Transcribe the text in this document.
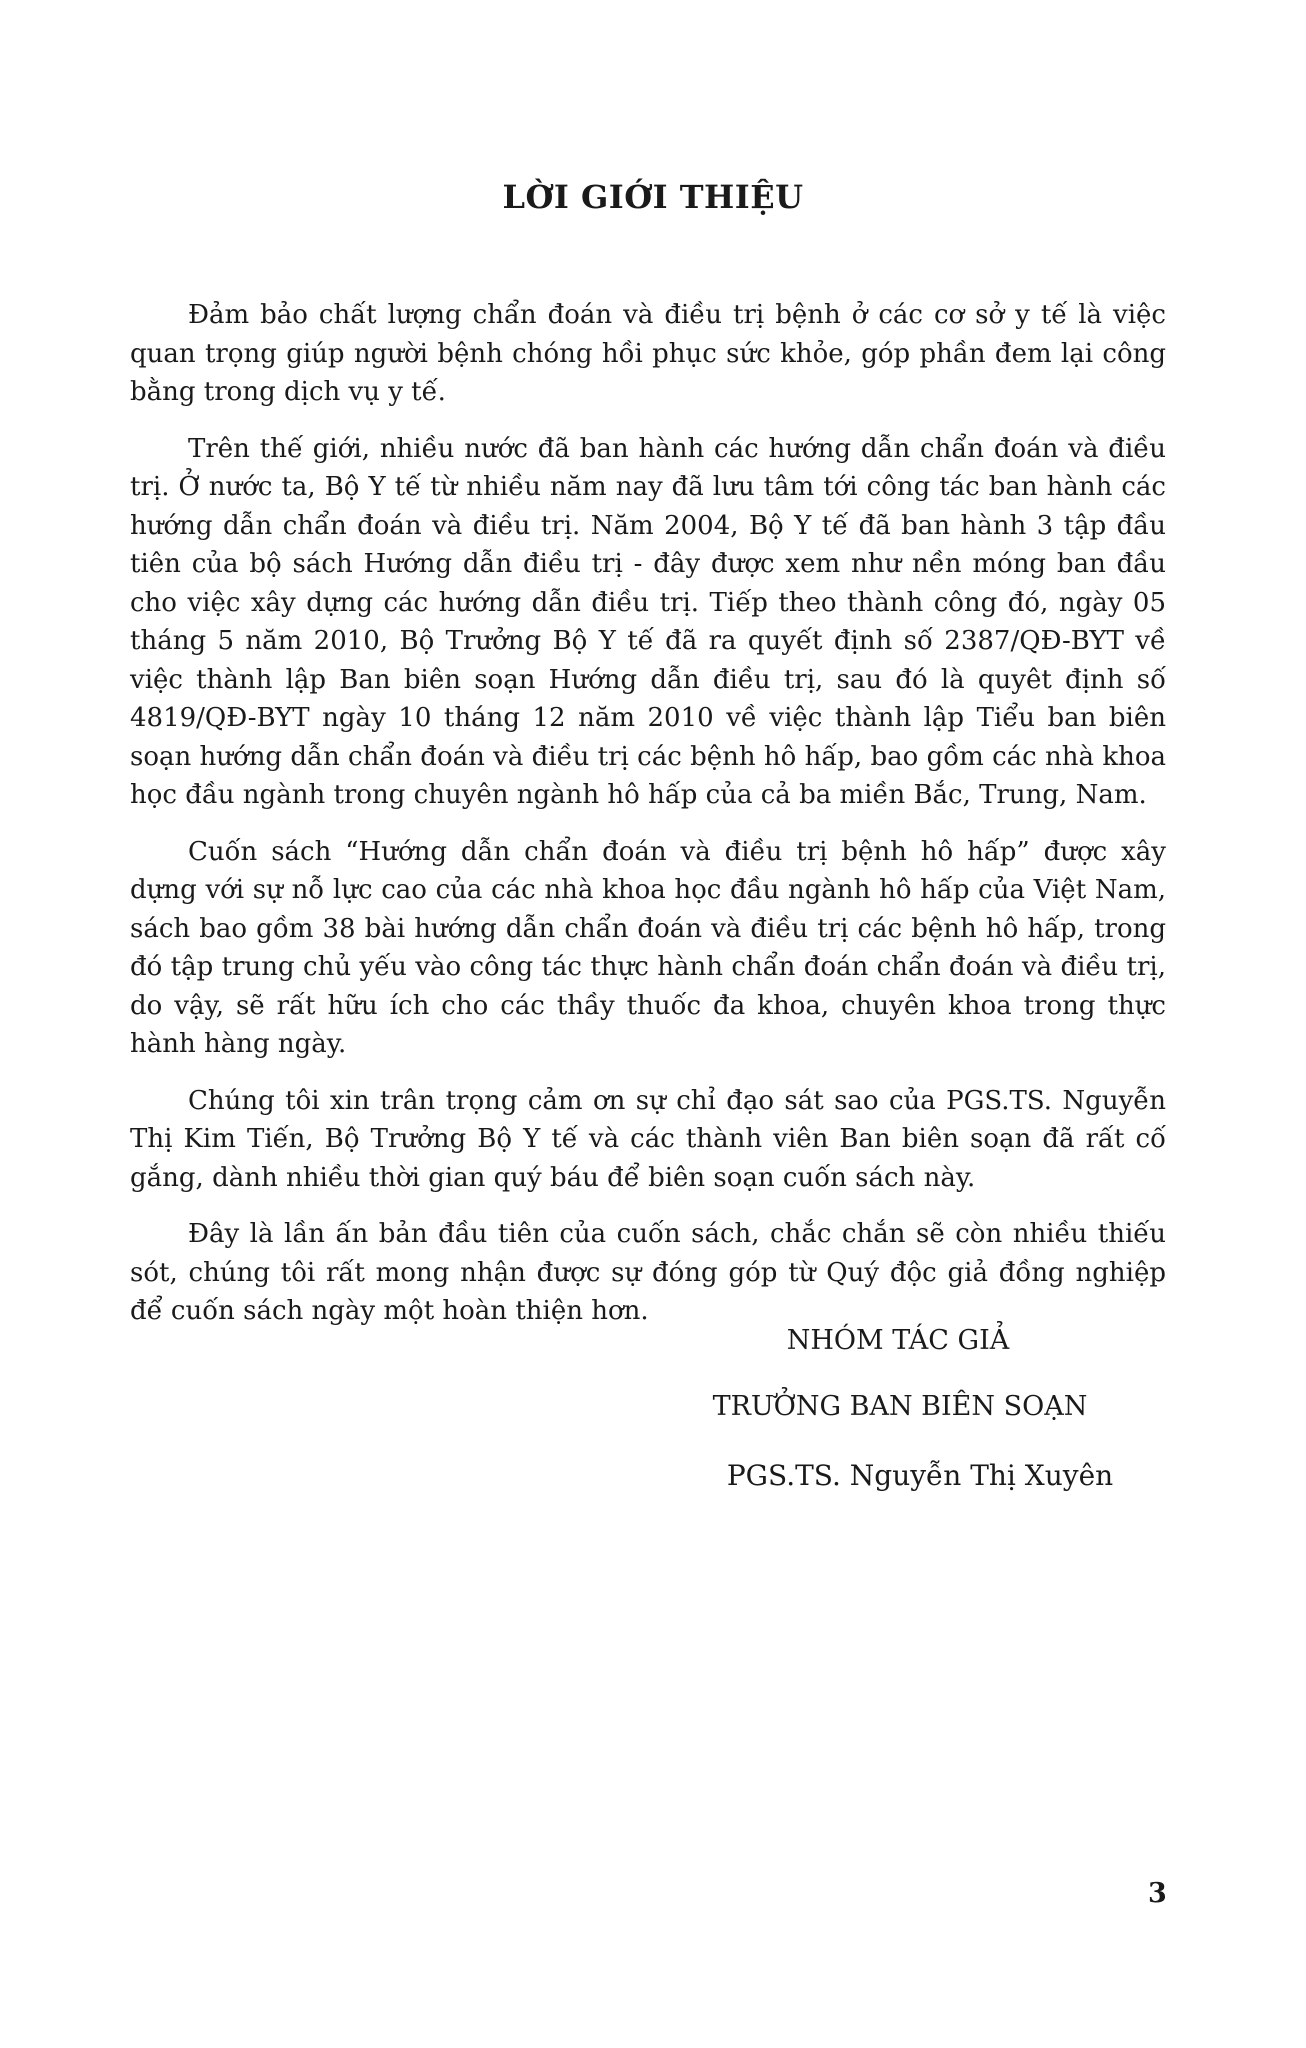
LỜI GIỚI THIỆU

Đảm bảo chất lượng chẩn đoán và điều trị bệnh ở các cơ sở y tế là việc quan trọng giúp người bệnh chóng hồi phục sức khỏe, góp phần đem lại công bằng trong dịch vụ y tế.

Trên thế giới, nhiều nước đã ban hành các hướng dẫn chẩn đoán và điều trị. Ở nước ta, Bộ Y tế từ nhiều năm nay đã lưu tâm tới công tác ban hành các hướng dẫn chẩn đoán và điều trị. Năm 2004, Bộ Y tế đã ban hành 3 tập đầu tiên của bộ sách Hướng dẫn điều trị - đây được xem như nền móng ban đầu cho việc xây dựng các hướng dẫn điều trị. Tiếp theo thành công đó, ngày 05 tháng 5 năm 2010, Bộ Trưởng Bộ Y tế đã ra quyết định số 2387/QĐ-BYT về việc thành lập Ban biên soạn Hướng dẫn điều trị, sau đó là quyêt định số 4819/QĐ-BYT ngày 10 tháng 12 năm 2010 về việc thành lập Tiểu ban biên soạn hướng dẫn chẩn đoán và điều trị các bệnh hô hấp, bao gồm các nhà khoa học đầu ngành trong chuyên ngành hô hấp của cả ba miền Bắc, Trung, Nam.

Cuốn sách “Hướng dẫn chẩn đoán và điều trị bệnh hô hấp” được xây dựng với sự nỗ lực cao của các nhà khoa học đầu ngành hô hấp của Việt Nam, sách bao gồm 38 bài hướng dẫn chẩn đoán và điều trị các bệnh hô hấp, trong đó tập trung chủ yếu vào công tác thực hành chẩn đoán chẩn đoán và điều trị, do vậy, sẽ rất hữu ích cho các thầy thuốc đa khoa, chuyên khoa trong thực hành hàng ngày.

Chúng tôi xin trân trọng cảm ơn sự chỉ đạo sát sao của PGS.TS. Nguyễn Thị Kim Tiến, Bộ Trưởng Bộ Y tế và các thành viên Ban biên soạn đã rất cố gắng, dành nhiều thời gian quý báu để biên soạn cuốn sách này.

Đây là lần ấn bản đầu tiên của cuốn sách, chắc chắn sẽ còn nhiều thiếu sót, chúng tôi rất mong nhận được sự đóng góp từ Quý độc giả đồng nghiệp để cuốn sách ngày một hoàn thiện hơn.

NHÓM TÁC GIẢ
TRƯỞNG BAN BIÊN SOẠN
PGS.TS. Nguyễn Thị Xuyên
3
